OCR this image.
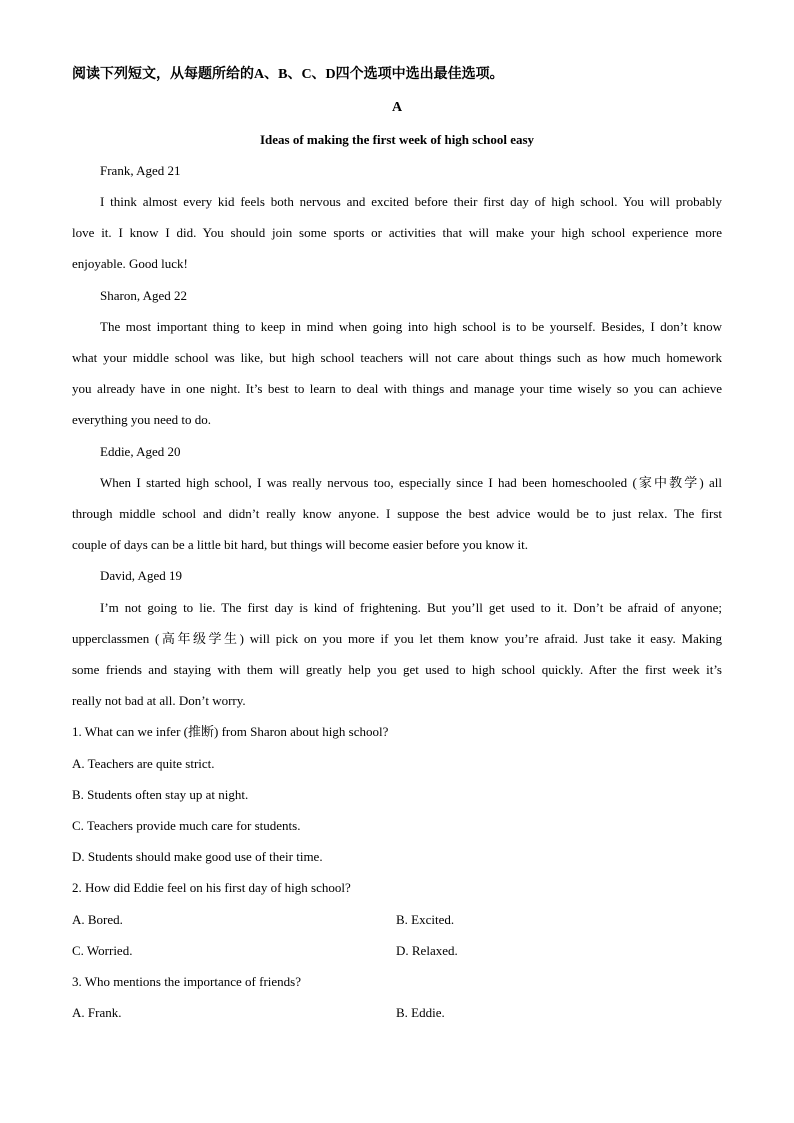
阅读下列短文，从每题所给的A、B、C、D四个选项中选出最佳选项。
A
Ideas of making the first week of high school easy
Frank, Aged 21
I think almost every kid feels both nervous and excited before their first day of high school. You will probably
love it. I know I did. You should join some sports or activities that will make your high school experience more
enjoyable. Good luck!
Sharon, Aged 22
The most important thing to keep in mind when going into high school is to be yourself. Besides, I don’t know
what your middle school was like, but high school teachers will not care about things such as how much homework
you already have in one night. It’s best to learn to deal with things and manage your time wisely so you can achieve
everything you need to do.
Eddie, Aged 20
When I started high school, I was really nervous too, especially since I had been homeschooled (家中教学) all
through middle school and didn’t really know anyone. I suppose the best advice would be to just relax. The first
couple of days can be a little bit hard, but things will become easier before you know it.
David, Aged 19
I’m not going to lie. The first day is kind of frightening. But you’ll get used to it. Don’t be afraid of anyone;
upperclassmen (高年级学生) will pick on you more if you let them know you’re afraid. Just take it easy. Making
some friends and staying with them will greatly help you get used to high school quickly. After the first week it’s
really not bad at all. Don’t worry.
1. What can we infer (推断) from Sharon about high school?
A. Teachers are quite strict.
B. Students often stay up at night.
C. Teachers provide much care for students.
D. Students should make good use of their time.
2. How did Eddie feel on his first day of high school?
A. Bored.	B. Excited.
C. Worried.	D. Relaxed.
3. Who mentions the importance of friends?
A. Frank.	B. Eddie.
